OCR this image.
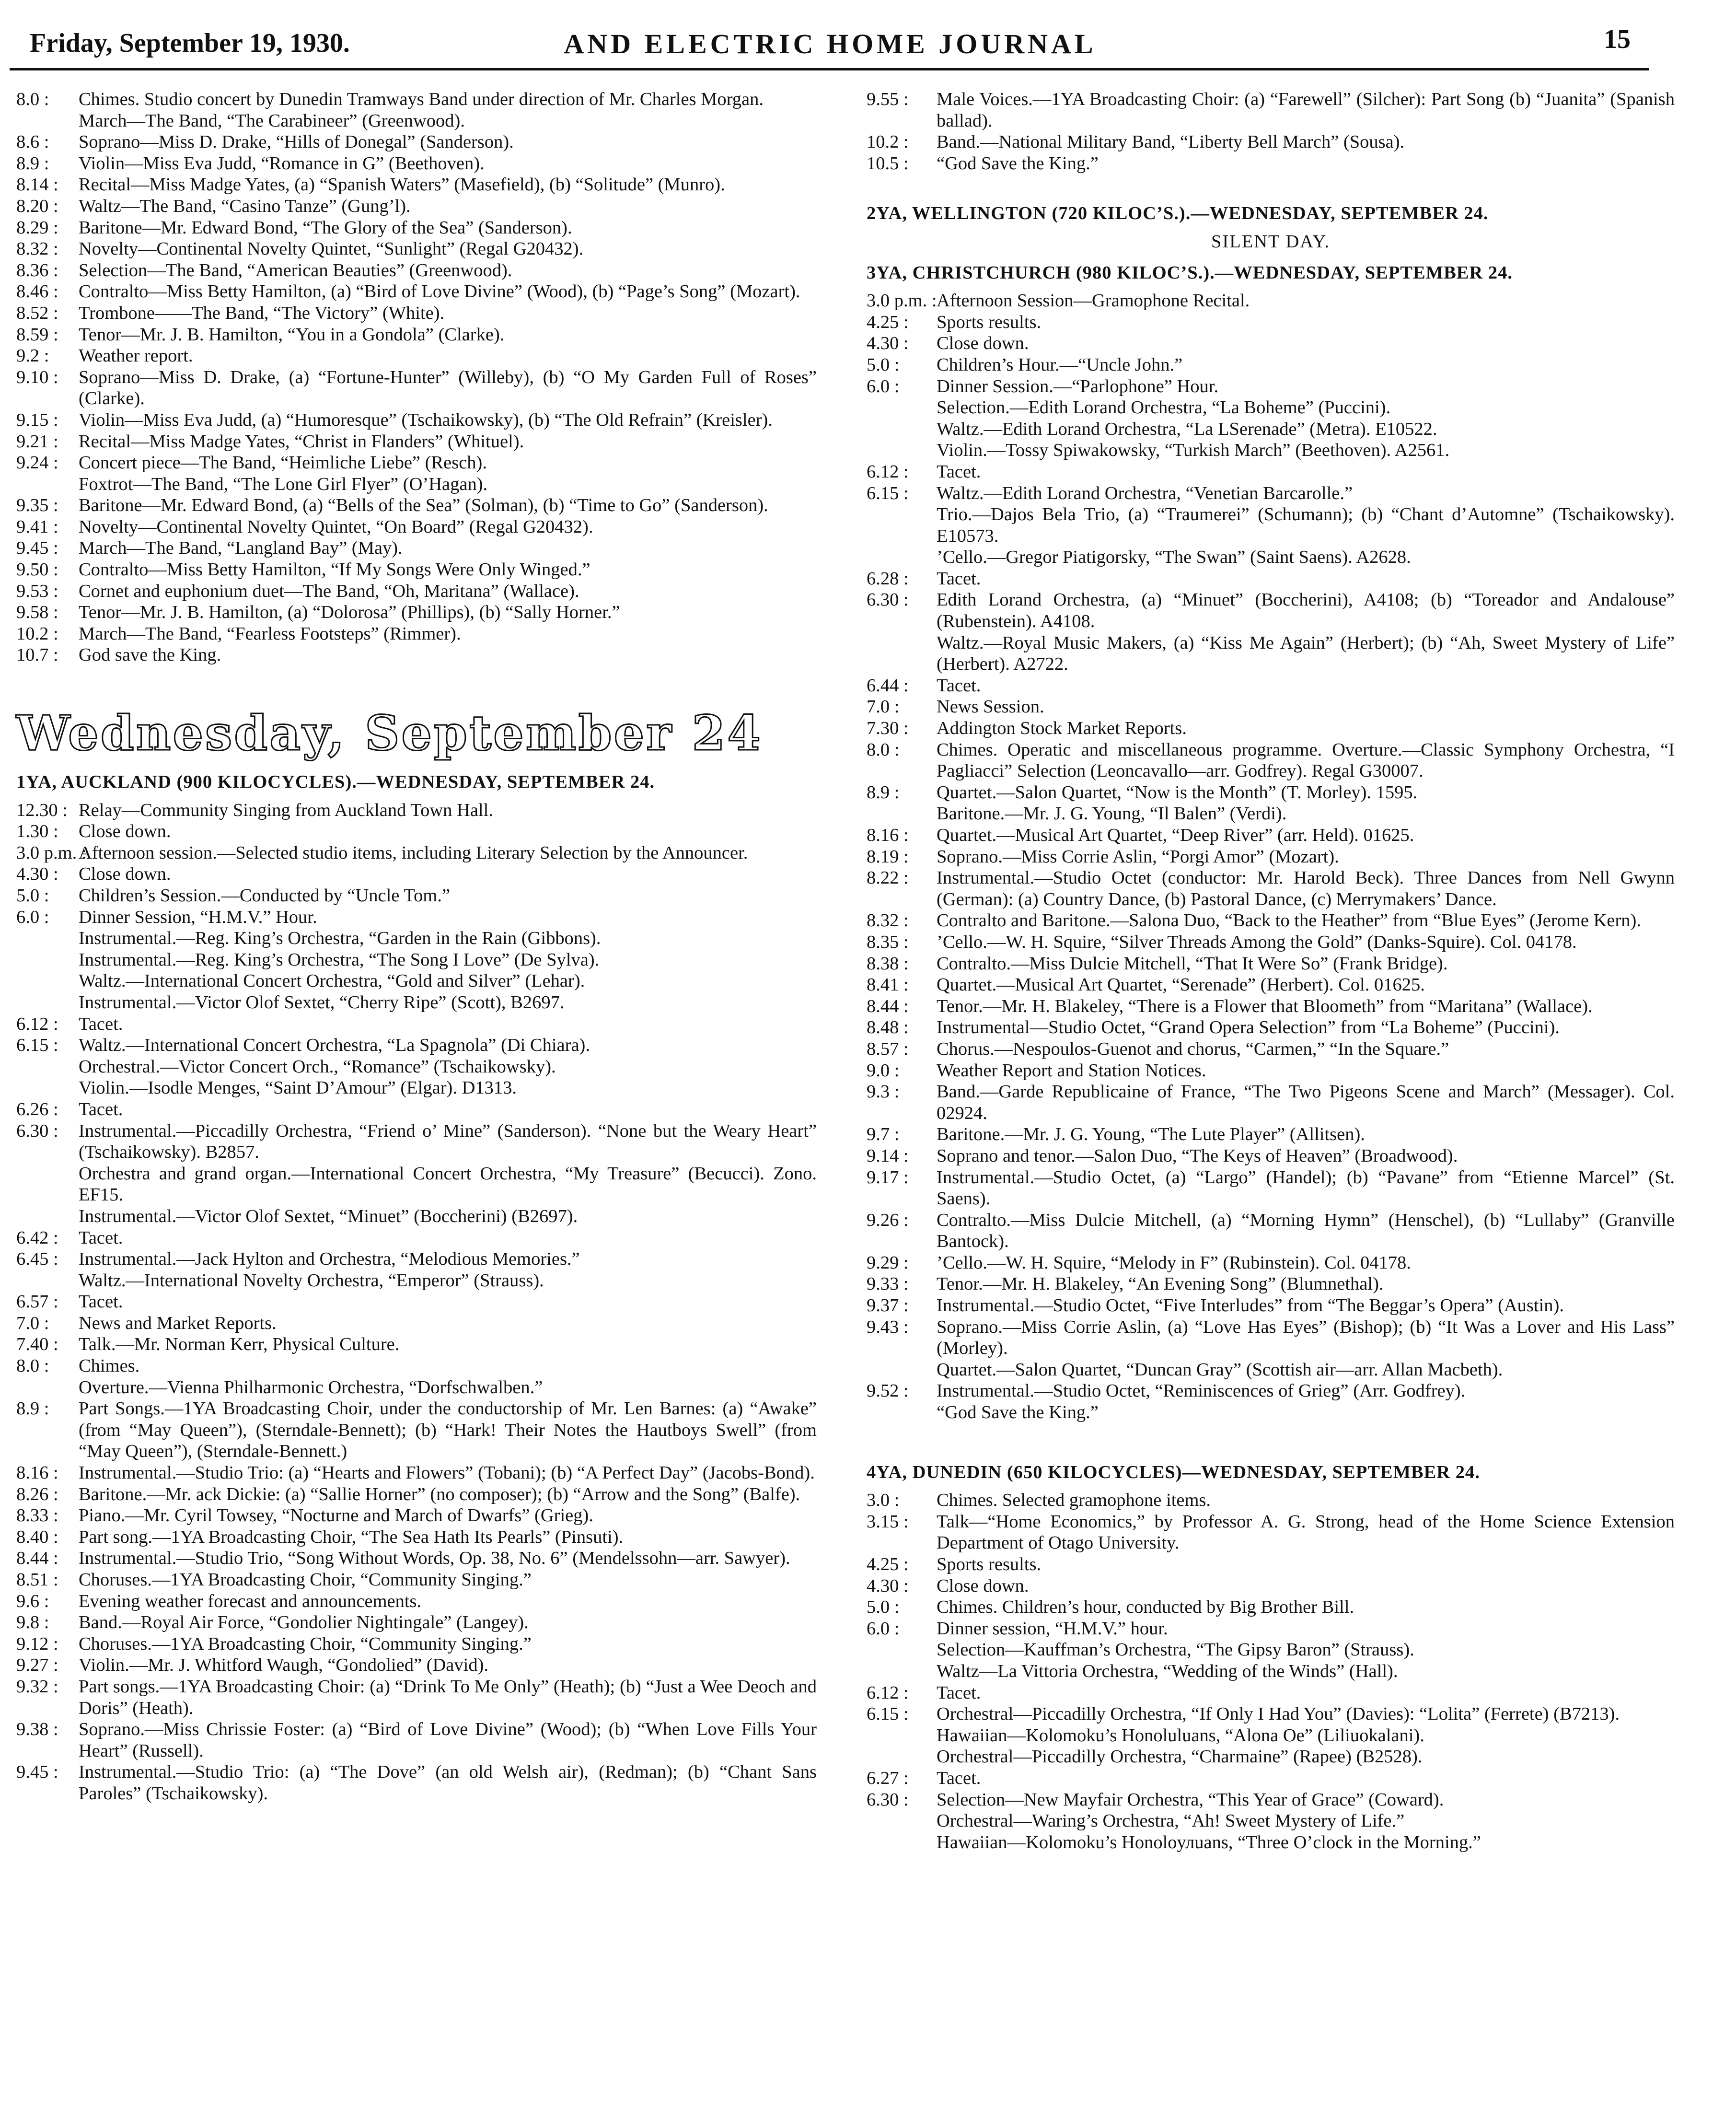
Friday, September 19, 1930.	AND ELECTRIC HOME JOURNAL	15
8.0 :	Chimes. Studio concert by Dunedin Tramways Band under direction of Mr. Charles Morgan.
March—The Band, “The Carabineer” (Greenwood).
8.6 :	Soprano—Miss D. Drake, “Hills of Donegal” (Sanderson).
8.9 :	Violin—Miss Eva Judd, “Romance in G” (Beethoven).
8.14 :	Recital—Miss Madge Yates, (a) “Spanish Waters” (Masefield), (b) “Solitude” (Munro).
8.20 :	Waltz—The Band, “Casino Tanze” (Gung’l).
8.29 :	Baritone—Mr. Edward Bond, “The Glory of the Sea” (Sanderson).
8.32 :	Novelty—Continental Novelty Quintet, “Sunlight” (Regal G20432).
8.36 :	Selection—The Band, “American Beauties” (Greenwood).
8.46 :	Contralto—Miss Betty Hamilton, (a) “Bird of Love Divine” (Wood), (b) “Page’s Song” (Mozart).
8.52 :	Trombone——The Band, “The Victory” (White).
8.59 :	Tenor—Mr. J. B. Hamilton, “You in a Gondola” (Clarke).
9.2 :	Weather report.
9.10 :	Soprano—Miss D. Drake, (a) “Fortune-Hunter” (Willeby), (b) “O My Garden Full of Roses” (Clarke).
9.15 :	Violin—Miss Eva Judd, (a) “Humoresque” (Tschaikowsky), (b) “The Old Refrain” (Kreisler).
9.21 :	Recital—Miss Madge Yates, “Christ in Flanders” (Whituel).
9.24 :	Concert piece—The Band, “Heimliche Liebe” (Resch).
Foxtrot—The Band, “The Lone Girl Flyer” (O’Hagan).
9.35 :	Baritone—Mr. Edward Bond, (a) “Bells of the Sea” (Solman), (b) “Time to Go” (Sanderson).
9.41 :	Novelty—Continental Novelty Quintet, “On Board” (Regal G20432).
9.45 :	March—The Band, “Langland Bay” (May).
9.50 :	Contralto—Miss Betty Hamilton, “If My Songs Were Only Winged.”
9.53 :	Cornet and euphonium duet—The Band, “Oh, Maritana” (Wallace).
9.58 :	Tenor—Mr. J. B. Hamilton, (a) “Dolorosa” (Phillips), (b) “Sally Horner.”
10.2 :	March—The Band, “Fearless Footsteps” (Rimmer).
10.7 :	God save the King.
Wednesday, September 24
1YA, AUCKLAND (900 KILOCYCLES).—WEDNESDAY, SEPTEMBER 24.
12.30 :	Relay—Community Singing from Auckland Town Hall.
1.30 :	Close down.
3.0 p.m. : Afternoon session.—Selected studio items, including Literary Selection by the Announcer.
4.30 :	Close down.
5.0 :	Children’s Session.—Conducted by “Uncle Tom.”
6.0 :	Dinner Session, “H.M.V.” Hour.
Instrumental.—Reg. King’s Orchestra, “Garden in the Rain (Gibbons).
Instrumental.—Reg. King’s Orchestra, “The Song I Love” (De Sylva).
Waltz.—International Concert Orchestra, “Gold and Silver” (Lehar).
Instrumental.—Victor Olof Sextet, “Cherry Ripe” (Scott), B2697.
6.12 :	Tacet.
6.15 :	Waltz.—International Concert Orchestra, “La Spagnola” (Di Chiara).
Orchestral.—Victor Concert Orch., “Romance” (Tschaikowsky).
Violin.—Isodle Menges, “Saint D’Amour” (Elgar). D1313.
6.26 :	Tacet.
6.30 :	Instrumental.—Piccadilly Orchestra, “Friend o’ Mine” (Sanderson). “None but the Weary Heart” (Tschaikowsky). B2857.
Orchestra and grand organ.—International Concert Orchestra, “My Treasure” (Becucci). Zono. EF15.
Instrumental.—Victor Olof Sextet, “Minuet” (Boccherini) (B2697).
6.42 :	Tacet.
6.45 :	Instrumental.—Jack Hylton and Orchestra, “Melodious Memories.”
Waltz.—International Novelty Orchestra, “Emperor” (Strauss).
6.57 :	Tacet.
7.0 :	News and Market Reports.
7.40 :	Talk.—Mr. Norman Kerr, Physical Culture.
8.0 :	Chimes.
Overture.—Vienna Philharmonic Orchestra, “Dorfschwalben.”
8.9 :	Part Songs.—1YA Broadcasting Choir, under the conductorship of Mr. Len Barnes: (a) “Awake” (from “May Queen”), (Sterndale-Bennett); (b) “Hark! Their Notes the Hautboys Swell” (from “May Queen”), (Sterndale-Bennett.)
8.16 :	Instrumental.—Studio Trio: (a) “Hearts and Flowers” (Tobani); (b) “A Perfect Day” (Jacobs-Bond).
8.26 :	Baritone.—Mr. ack Dickie: (a) “Sallie Horner” (no composer); (b) “Arrow and the Song” (Balfe).
8.33 :	Piano.—Mr. Cyril Towsey, “Nocturne and March of Dwarfs” (Grieg).
8.40 :	Part song.—1YA Broadcasting Choir, “The Sea Hath Its Pearls” (Pinsuti).
8.44 :	Instrumental.—Studio Trio, “Song Without Words, Op. 38, No. 6” (Mendelssohn—arr. Sawyer).
8.51 :	Choruses.—1YA Broadcasting Choir, “Community Singing.”
9.6 :	Evening weather forecast and announcements.
9.8 :	Band.—Royal Air Force, “Gondolier Nightingale” (Langey).
9.12 :	Choruses.—1YA Broadcasting Choir, “Community Singing.”
9.27 :	Violin.—Mr. J. Whitford Waugh, “Gondolied” (David).
9.32 :	Part songs.—1YA Broadcasting Choir: (a) “Drink To Me Only” (Heath); (b) “Just a Wee Deoch and Doris” (Heath).
9.38 :	Soprano.—Miss Chrissie Foster: (a) “Bird of Love Divine” (Wood); (b) “When Love Fills Your Heart” (Russell).
9.45 :	Instrumental.—Studio Trio: (a) “The Dove” (an old Welsh air), (Redman); (b) “Chant Sans Paroles” (Tschaikowsky).
9.55 :	Male Voices.—1YA Broadcasting Choir: (a) “Farewell” (Silcher): Part Song (b) “Juanita” (Spanish ballad).
10.2 :	Band.—National Military Band, “Liberty Bell March” (Sousa).
10.5 :	“God Save the King.”
2YA, WELLINGTON (720 KILOC’S.).—WEDNESDAY, SEPTEMBER 24.
SILENT DAY.
3YA, CHRISTCHURCH (980 KILOC’S.).—WEDNESDAY, SEPTEMBER 24.
3.0 p.m. : Afternoon Session—Gramophone Recital.
4.25 :	Sports results.
4.30 :	Close down.
5.0 :	Children’s Hour.—“Uncle John.”
6.0 :	Dinner Session.—“Parlophone” Hour.
Selection.—Edith Lorand Orchestra, “La Boheme” (Puccini).
Waltz.—Edith Lorand Orchestra, “La LSerenade” (Metra). E10522.
Violin.—Tossy Spiwakowsky, “Turkish March” (Beethoven). A2561.
6.12 :	Tacet.
6.15 :	Waltz.—Edith Lorand Orchestra, “Venetian Barcarolle.”
Trio.—Dajos Bela Trio, (a) “Traumerei” (Schumann); (b) “Chant d’Automne” (Tschaikowsky). E10573.
’Cello.—Gregor Piatigorsky, “The Swan” (Saint Saens). A2628.
6.28 :	Tacet.
6.30 :	Edith Lorand Orchestra, (a) “Minuet” (Boccherini), A4108; (b) “Toreador and Andalouse” (Rubenstein). A4108.
Waltz.—Royal Music Makers, (a) “Kiss Me Again” (Herbert); (b) “Ah, Sweet Mystery of Life” (Herbert). A2722.
6.44 :	Tacet.
7.0 :	News Session.
7.30 :	Addington Stock Market Reports.
8.0 :	Chimes. Operatic and miscellaneous programme. Overture.—Classic Symphony Orchestra, “I Pagliacci” Selection (Leoncavallo—arr. Godfrey). Regal G30007.
8.9 :	Quartet.—Salon Quartet, “Now is the Month” (T. Morley). 1595.
Baritone.—Mr. J. G. Young, “Il Balen” (Verdi).
8.16 :	Quartet.—Musical Art Quartet, “Deep River” (arr. Held). 01625.
8.19 :	Soprano.—Miss Corrie Aslin, “Porgi Amor” (Mozart).
8.22 :	Instrumental.—Studio Octet (conductor: Mr. Harold Beck). Three Dances from Nell Gwynn (German): (a) Country Dance, (b) Pastoral Dance, (c) Merrymakers’ Dance.
8.32 :	Contralto and Baritone.—Salona Duo, “Back to the Heather” from “Blue Eyes” (Jerome Kern).
8.35 :	’Cello.—W. H. Squire, “Silver Threads Among the Gold” (Danks-Squire). Col. 04178.
8.38 :	Contralto.—Miss Dulcie Mitchell, “That It Were So” (Frank Bridge).
8.41 :	Quartet.—Musical Art Quartet, “Serenade” (Herbert). Col. 01625.
8.44 :	Tenor.—Mr. H. Blakeley, “There is a Flower that Bloometh” from “Maritana” (Wallace).
8.48 :	Instrumental—Studio Octet, “Grand Opera Selection” from “La Boheme” (Puccini).
8.57 :	Chorus.—Nespoulos-Guenot and chorus, “Carmen,” “In the Square.”
9.0 :	Weather Report and Station Notices.
9.3 :	Band.—Garde Republicaine of France, “The Two Pigeons Scene and March” (Messager). Col. 02924.
9.7 :	Baritone.—Mr. J. G. Young, “The Lute Player” (Allitsen).
9.14 :	Soprano and tenor.—Salon Duo, “The Keys of Heaven” (Broadwood).
9.17 :	Instrumental.—Studio Octet, (a) “Largo” (Handel); (b) “Pavane” from “Etienne Marcel” (St. Saens).
9.26 :	Contralto.—Miss Dulcie Mitchell, (a) “Morning Hymn” (Henschel), (b) “Lullaby” (Granville Bantock).
9.29 :	’Cello.—W. H. Squire, “Melody in F” (Rubinstein). Col. 04178.
9.33 :	Tenor.—Mr. H. Blakeley, “An Evening Song” (Blumnethal).
9.37 :	Instrumental.—Studio Octet, “Five Interludes” from “The Beggar’s Opera” (Austin).
9.43 :	Soprano.—Miss Corrie Aslin, (a) “Love Has Eyes” (Bishop); (b) “It Was a Lover and His Lass” (Morley).
Quartet.—Salon Quartet, “Duncan Gray” (Scottish air—arr. Allan Macbeth).
9.52 :	Instrumental.—Studio Octet, “Reminiscences of Grieg” (Arr. Godfrey).
“God Save the King.”
4YA, DUNEDIN (650 KILOCYCLES)—WEDNESDAY, SEPTEMBER 24.
3.0 :	Chimes. Selected gramophone items.
3.15 :	Talk—“Home Economics,” by Professor A. G. Strong, head of the Home Science Extension Department of Otago University.
4.25 :	Sports results.
4.30 :	Close down.
5.0 :	Chimes. Children’s hour, conducted by Big Brother Bill.
6.0 :	Dinner session, “H.M.V.” hour.
Selection—Kauffman’s Orchestra, “The Gipsy Baron” (Strauss).
Waltz—La Vittoria Orchestra, “Wedding of the Winds” (Hall).
6.12 :	Tacet.
6.15 :	Orchestral—Piccadilly Orchestra, “If Only I Had You” (Davies): “Lolita” (Ferrete) (B7213).
Hawaiian—Kolomoku’s Honoluluans, “Alona Oe” (Liliuokalani).
Orchestral—Piccadilly Orchestra, “Charmaine” (Rapee) (B2528).
6.27 :	Tacet.
6.30 :	Selection—New Mayfair Orchestra, “This Year of Grace” (Coward).
Orchestral—Waring’s Orchestra, “Ah! Sweet Mystery of Life.”
Hawaiian—Kolomoku’s Honoloулuans, “Three O’clock in the Morning.”
